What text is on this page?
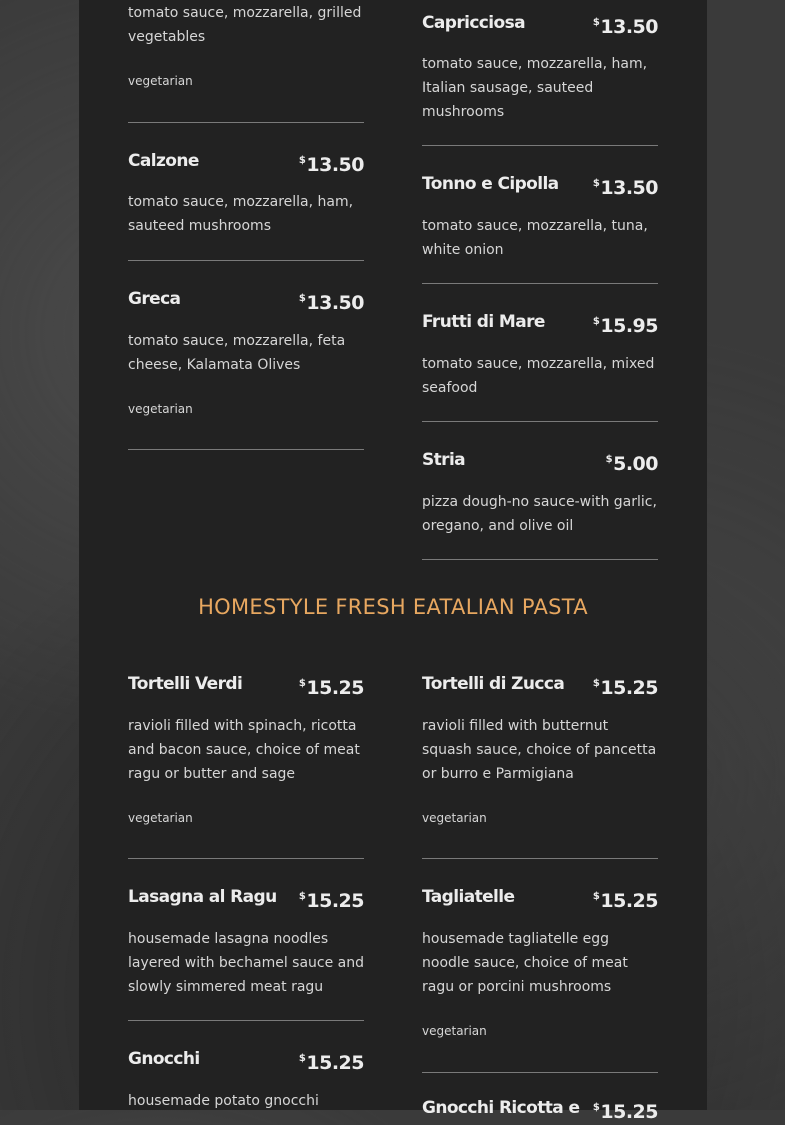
tomato sauce, mozzarella, grilled vegetables
vegetarian
Calzone	$13.50
tomato sauce, mozzarella, ham, sauteed mushrooms
Greca	$13.50
tomato sauce, mozzarella, feta cheese, Kalamata Olives
vegetarian
Capricciosa	$13.50
tomato sauce, mozzarella, ham, Italian sausage, sauteed mushrooms
Tonno e Cipolla	$13.50
tomato sauce, mozzarella, tuna, white onion
Frutti di Mare	$15.95
tomato sauce, mozzarella, mixed seafood
Stria	$5.00
pizza dough-no sauce-with garlic, oregano, and olive oil
HOMESTYLE FRESH EATALIAN PASTA
Tortelli Verdi	$15.25
ravioli filled with spinach, ricotta and bacon sauce, choice of meat ragu or butter and sage
vegetarian
Lasagna al Ragu $15.25
housemade lasagna noodles layered with bechamel sauce and slowly simmered meat ragu
Gnocchi	$15.25
housemade potato gnocchi
Tortelli di Zucca	$15.25
ravioli filled with butternut squash sauce, choice of pancetta or burro e Parmigiana
vegetarian
Tagliatelle	$15.25
housemade tagliatelle egg noodle sauce, choice of meat ragu or porcini mushrooms
vegetarian
Gnocchi Ricotta e $15.25
